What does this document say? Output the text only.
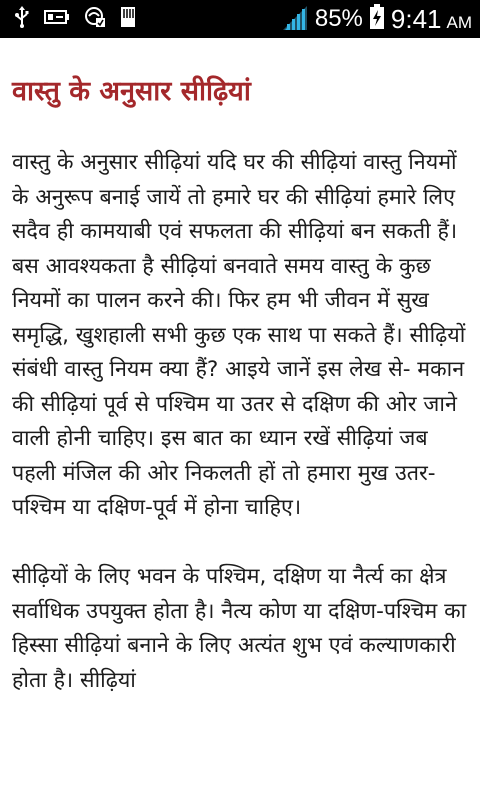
85% 9:41 AM
वास्तु के अनुसार सीढ़ियां

वास्तु के अनुसार सीढ़ियां यदि घर की सीढ़ियां वास्तु नियमों के अनुरूप बनाई जायें तो हमारे घर की सीढ़ियां हमारे लिए सदैव ही कामयाबी एवं सफलता की सीढ़ियां बन सकती हैं। बस आवश्यकता है सीढ़ियां बनवाते समय वास्तु के कुछ नियमों का पालन करने की। फिर हम भी जीवन में सुख समृद्धि, खुशहाली सभी कुछ एक साथ पा सकते हैं। सीढ़ियों संबंधी वास्तु नियम क्या हैं? आइये जानें इस लेख से- मकान की सीढ़ियां पूर्व से पश्चिम या उतर से दक्षिण की ओर जाने वाली होनी चाहिए। इस बात का ध्यान रखें सीढ़ियां जब पहली मंजिल की ओर निकलती हों तो हमारा मुख उतर-पश्चिम या दक्षिण-पूर्व में होना चाहिए।

सीढ़ियों के लिए भवन के पश्चिम, दक्षिण या नैर्त्य का क्षेत्र सर्वाधिक उपयुक्त होता है। नैत्य कोण या दक्षिण-पश्चिम का हिस्सा सीढ़ियां बनाने के लिए अत्यंत शुभ एवं कल्याणकारी होता है। सीढ़ियां
